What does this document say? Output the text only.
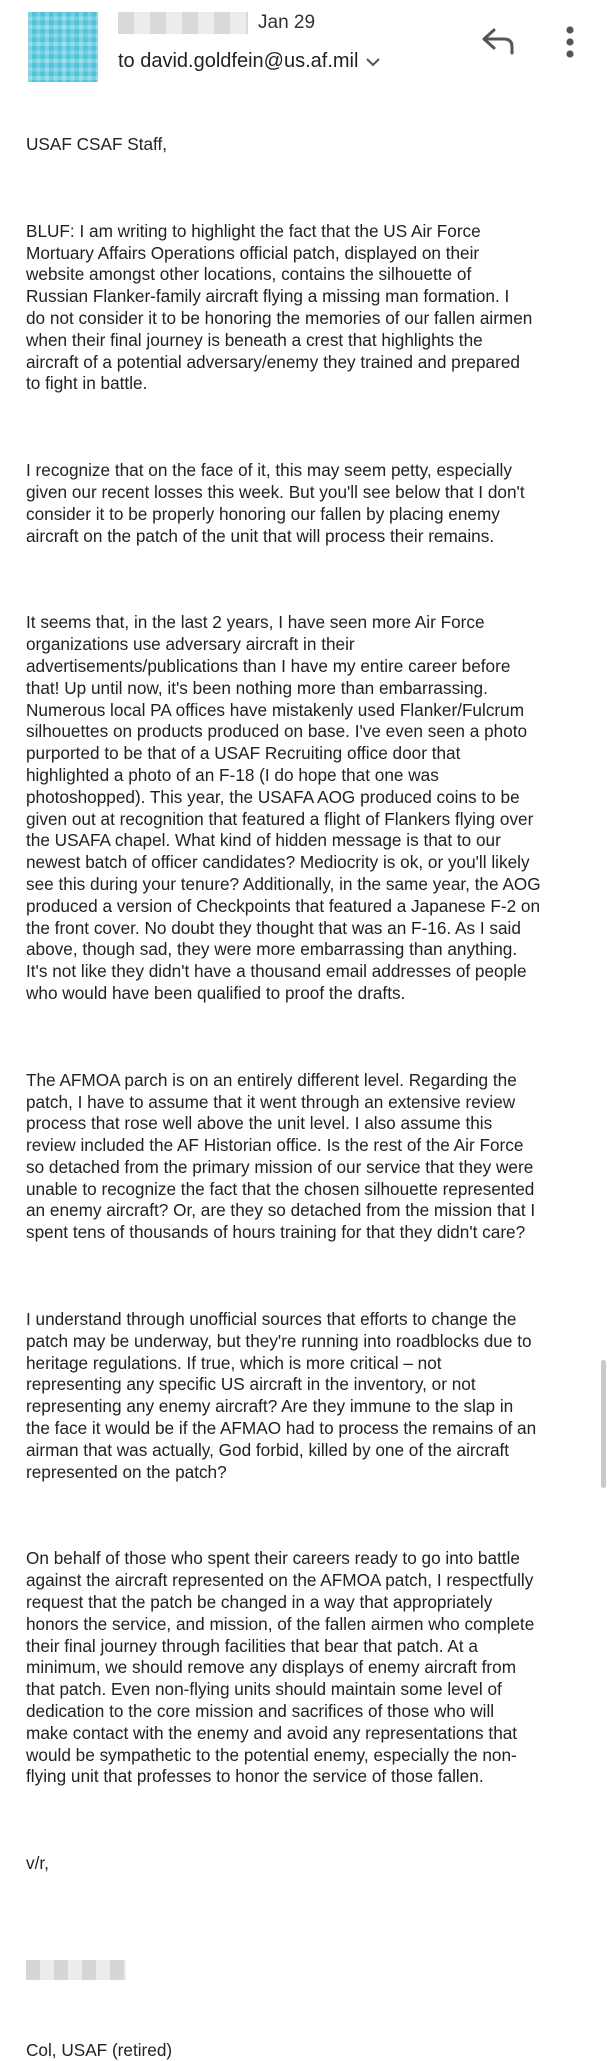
Jan 29
to david.goldfein@us.af.mil

USAF CSAF Staff,

BLUF: I am writing to highlight the fact that the US Air Force
Mortuary Affairs Operations official patch, displayed on their
website amongst other locations, contains the silhouette of
Russian Flanker-family aircraft flying a missing man formation. I
do not consider it to be honoring the memories of our fallen airmen
when their final journey is beneath a crest that highlights the
aircraft of a potential adversary/enemy they trained and prepared
to fight in battle.

I recognize that on the face of it, this may seem petty, especially
given our recent losses this week. But you'll see below that I don't
consider it to be properly honoring our fallen by placing enemy
aircraft on the patch of the unit that will process their remains.

It seems that, in the last 2 years, I have seen more Air Force
organizations use adversary aircraft in their
advertisements/publications than I have my entire career before
that! Up until now, it's been nothing more than embarrassing.
Numerous local PA offices have mistakenly used Flanker/Fulcrum
silhouettes on products produced on base. I've even seen a photo
purported to be that of a USAF Recruiting office door that
highlighted a photo of an F-18 (I do hope that one was
photoshopped). This year, the USAFA AOG produced coins to be
given out at recognition that featured a flight of Flankers flying over
the USAFA chapel. What kind of hidden message is that to our
newest batch of officer candidates? Mediocrity is ok, or you'll likely
see this during your tenure? Additionally, in the same year, the AOG
produced a version of Checkpoints that featured a Japanese F-2 on
the front cover. No doubt they thought that was an F-16. As I said
above, though sad, they were more embarrassing than anything.
It's not like they didn't have a thousand email addresses of people
who would have been qualified to proof the drafts.

The AFMOA parch is on an entirely different level. Regarding the
patch, I have to assume that it went through an extensive review
process that rose well above the unit level. I also assume this
review included the AF Historian office. Is the rest of the Air Force
so detached from the primary mission of our service that they were
unable to recognize the fact that the chosen silhouette represented
an enemy aircraft? Or, are they so detached from the mission that I
spent tens of thousands of hours training for that they didn't care?

I understand through unofficial sources that efforts to change the
patch may be underway, but they're running into roadblocks due to
heritage regulations. If true, which is more critical – not
representing any specific US aircraft in the inventory, or not
representing any enemy aircraft? Are they immune to the slap in
the face it would be if the AFMAO had to process the remains of an
airman that was actually, God forbid, killed by one of the aircraft
represented on the patch?

On behalf of those who spent their careers ready to go into battle
against the aircraft represented on the AFMOA patch, I respectfully
request that the patch be changed in a way that appropriately
honors the service, and mission, of the fallen airmen who complete
their final journey through facilities that bear that patch. At a
minimum, we should remove any displays of enemy aircraft from
that patch. Even non-flying units should maintain some level of
dedication to the core mission and sacrifices of those who will
make contact with the enemy and avoid any representations that
would be sympathetic to the potential enemy, especially the non-
flying unit that professes to honor the service of those fallen.

v/r,

Col, USAF (retired)
